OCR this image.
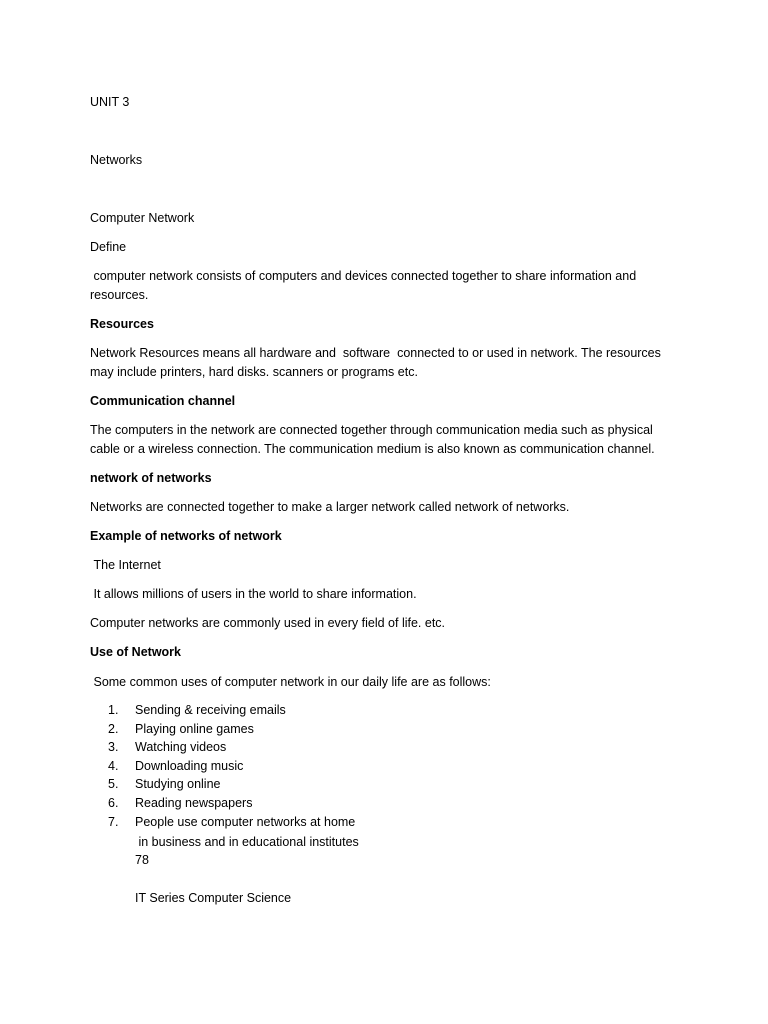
UNIT 3
Networks
Computer Network
Define
computer network consists of computers and devices connected together to share information and resources.
Resources
Network Resources means all hardware and  software  connected to or used in network. The resources may include printers, hard disks. scanners or programs etc.
Communication channel
The computers in the network are connected together through communication media such as physical cable or a wireless connection. The communication medium is also known as communication channel.
network of networks
Networks are connected together to make a larger network called network of networks.
Example of networks of network
The Internet
It allows millions of users in the world to share information.
Computer networks are commonly used in every field of life. etc.
Use of Network
Some common uses of computer network in our daily life are as follows:
1.	Sending & receiving emails
2.	Playing online games
3.	Watching videos
4.	Downloading music
5.	Studying online
6.	Reading newspapers
7.	People use computer networks at home
in business and in educational institutes
78
IT Series Computer Science
